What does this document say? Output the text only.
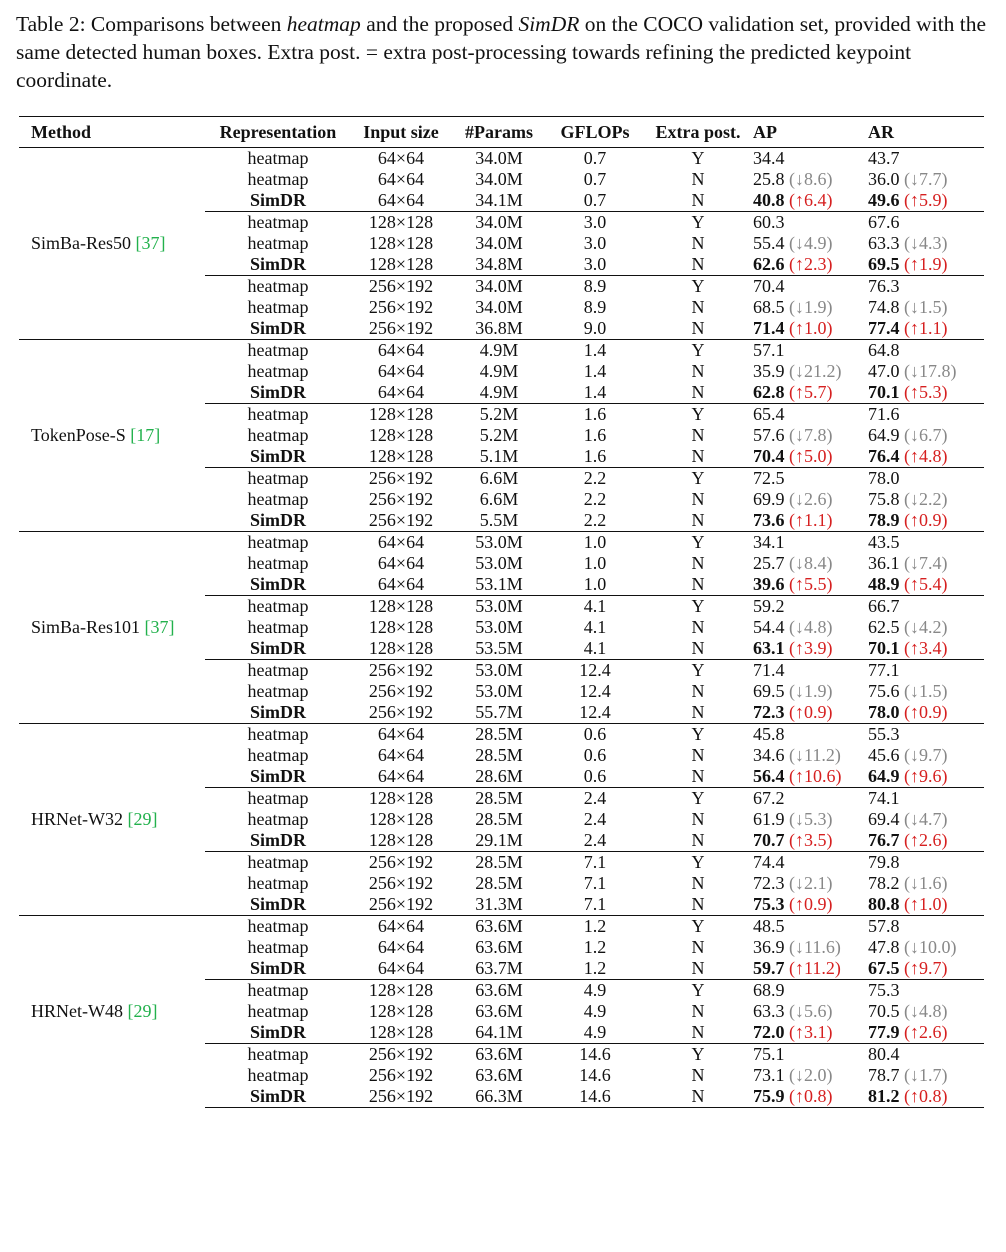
Table 2: Comparisons between heatmap and the proposed SimDR on the COCO validation set, provided with the same detected human boxes. Extra post. = extra post-processing towards refining the predicted keypoint coordinate.
Method	Representation	Input size	#Params	GFLOPs	Extra post.	AP	AR
SimBa-Res50 [37]	heatmap	64×64	34.0M	0.7	Y	34.4	43.7
	heatmap	64×64	34.0M	0.7	N	25.8 (↓8.6)	36.0 (↓7.7)
	SimDR	64×64	34.1M	0.7	N	40.8 (↑6.4)	49.6 (↑5.9)
	heatmap	128×128	34.0M	3.0	Y	60.3	67.6
	heatmap	128×128	34.0M	3.0	N	55.4 (↓4.9)	63.3 (↓4.3)
	SimDR	128×128	34.8M	3.0	N	62.6 (↑2.3)	69.5 (↑1.9)
	heatmap	256×192	34.0M	8.9	Y	70.4	76.3
	heatmap	256×192	34.0M	8.9	N	68.5 (↓1.9)	74.8 (↓1.5)
	SimDR	256×192	36.8M	9.0	N	71.4 (↑1.0)	77.4 (↑1.1)
TokenPose-S [17]	heatmap	64×64	4.9M	1.4	Y	57.1	64.8
	heatmap	64×64	4.9M	1.4	N	35.9 (↓21.2)	47.0 (↓17.8)
	SimDR	64×64	4.9M	1.4	N	62.8 (↑5.7)	70.1 (↑5.3)
	heatmap	128×128	5.2M	1.6	Y	65.4	71.6
	heatmap	128×128	5.2M	1.6	N	57.6 (↓7.8)	64.9 (↓6.7)
	SimDR	128×128	5.1M	1.6	N	70.4 (↑5.0)	76.4 (↑4.8)
	heatmap	256×192	6.6M	2.2	Y	72.5	78.0
	heatmap	256×192	6.6M	2.2	N	69.9 (↓2.6)	75.8 (↓2.2)
	SimDR	256×192	5.5M	2.2	N	73.6 (↑1.1)	78.9 (↑0.9)
SimBa-Res101 [37]	heatmap	64×64	53.0M	1.0	Y	34.1	43.5
	heatmap	64×64	53.0M	1.0	N	25.7 (↓8.4)	36.1 (↓7.4)
	SimDR	64×64	53.1M	1.0	N	39.6 (↑5.5)	48.9 (↑5.4)
	heatmap	128×128	53.0M	4.1	Y	59.2	66.7
	heatmap	128×128	53.0M	4.1	N	54.4 (↓4.8)	62.5 (↓4.2)
	SimDR	128×128	53.5M	4.1	N	63.1 (↑3.9)	70.1 (↑3.4)
	heatmap	256×192	53.0M	12.4	Y	71.4	77.1
	heatmap	256×192	53.0M	12.4	N	69.5 (↓1.9)	75.6 (↓1.5)
	SimDR	256×192	55.7M	12.4	N	72.3 (↑0.9)	78.0 (↑0.9)
HRNet-W32 [29]	heatmap	64×64	28.5M	0.6	Y	45.8	55.3
	heatmap	64×64	28.5M	0.6	N	34.6 (↓11.2)	45.6 (↓9.7)
	SimDR	64×64	28.6M	0.6	N	56.4 (↑10.6)	64.9 (↑9.6)
	heatmap	128×128	28.5M	2.4	Y	67.2	74.1
	heatmap	128×128	28.5M	2.4	N	61.9 (↓5.3)	69.4 (↓4.7)
	SimDR	128×128	29.1M	2.4	N	70.7 (↑3.5)	76.7 (↑2.6)
	heatmap	256×192	28.5M	7.1	Y	74.4	79.8
	heatmap	256×192	28.5M	7.1	N	72.3 (↓2.1)	78.2 (↓1.6)
	SimDR	256×192	31.3M	7.1	N	75.3 (↑0.9)	80.8 (↑1.0)
HRNet-W48 [29]	heatmap	64×64	63.6M	1.2	Y	48.5	57.8
	heatmap	64×64	63.6M	1.2	N	36.9 (↓11.6)	47.8 (↓10.0)
	SimDR	64×64	63.7M	1.2	N	59.7 (↑11.2)	67.5 (↑9.7)
	heatmap	128×128	63.6M	4.9	Y	68.9	75.3
	heatmap	128×128	63.6M	4.9	N	63.3 (↓5.6)	70.5 (↓4.8)
	SimDR	128×128	64.1M	4.9	N	72.0 (↑3.1)	77.9 (↑2.6)
	heatmap	256×192	63.6M	14.6	Y	75.1	80.4
	heatmap	256×192	63.6M	14.6	N	73.1 (↓2.0)	78.7 (↓1.7)
	SimDR	256×192	66.3M	14.6	N	75.9 (↑0.8)	81.2 (↑0.8)
